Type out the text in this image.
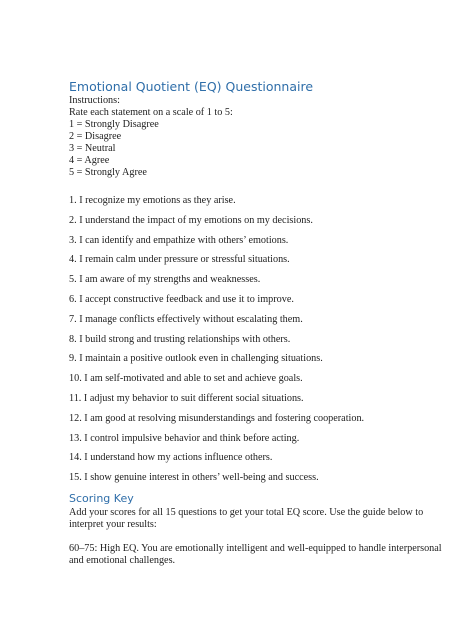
Emotional Quotient (EQ) Questionnaire
Instructions:
Rate each statement on a scale of 1 to 5:
1 = Strongly Disagree
2 = Disagree
3 = Neutral
4 = Agree
5 = Strongly Agree
1. I recognize my emotions as they arise.
2. I understand the impact of my emotions on my decisions.
3. I can identify and empathize with others’ emotions.
4. I remain calm under pressure or stressful situations.
5. I am aware of my strengths and weaknesses.
6. I accept constructive feedback and use it to improve.
7. I manage conflicts effectively without escalating them.
8. I build strong and trusting relationships with others.
9. I maintain a positive outlook even in challenging situations.
10. I am self-motivated and able to set and achieve goals.
11. I adjust my behavior to suit different social situations.
12. I am good at resolving misunderstandings and fostering cooperation.
13. I control impulsive behavior and think before acting.
14. I understand how my actions influence others.
15. I show genuine interest in others’ well-being and success.
Scoring Key
Add your scores for all 15 questions to get your total EQ score. Use the guide below to
interpret your results:
60–75: High EQ. You are emotionally intelligent and well-equipped to handle interpersonal
and emotional challenges.
